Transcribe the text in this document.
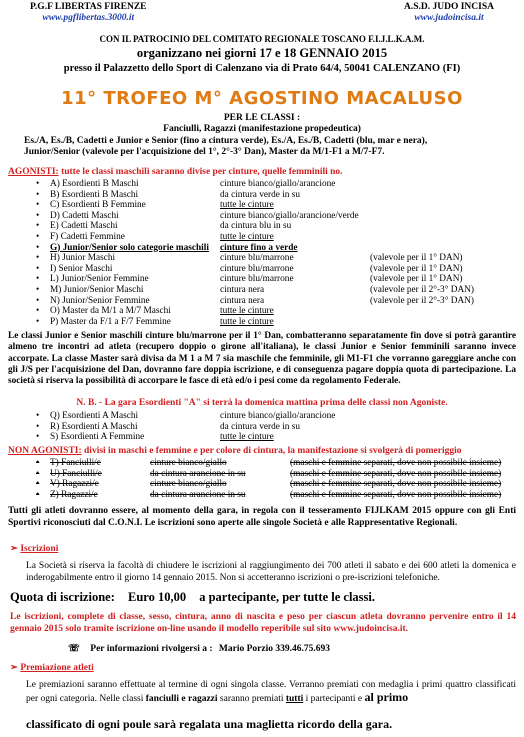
P.G.F LIBERTAS FIRENZE
www.pgflibertas.3000.it
A.S.D. JUDO INCISA
www.judoincisa.it
CON IL PATROCINIO DEL COMITATO REGIONALE TOSCANO F.I.J.L.K.A.M.
organizzano nei giorni 17 e 18 GENNAIO 2015
presso il Palazzetto dello Sport di Calenzano via di Prato 64/4, 50041 CALENZANO (FI)
11° TROFEO M° AGOSTINO MACALUSO
PER LE CLASSI :
Fanciulli, Ragazzi (manifestazione propedeutica)
Es./A, Es./B, Cadetti e Junior e Senior (fino a cintura verde), Es./A, Es./B, Cadetti (blu, mar e nera),
Junior/Senior (valevole per l'acquisizione del 1°, 2°-3° Dan), Master da M/1-F1 a M/7-F7.
AGONISTI: tutte le classi maschili saranno divise per cinture, quelle femminili no.
•	A) Esordienti B Maschi	cinture bianco/giallo/arancione
•	B) Esordienti B Maschi	da cintura verde in su
•	C) Esordienti B Femmine	tutte le cinture
•	D) Cadetti Maschi	cinture bianco/giallo/arancione/verde
•	E) Cadetti Maschi	da cintura blu in su
•	F) Cadetti Femmine	tutte le cinture
•	G) Junior/Senior solo categorie maschili	cinture fino a verde
•	H) Junior Maschi	cinture blu/marrone	(valevole per il 1° DAN)
•	I) Senior Maschi	cinture blu/marrone	(valevole per il 1° DAN)
•	L) Junior/Senior Femmine	cinture blu/marrone	(valevole per il 1° DAN)
•	M) Junior/Senior Maschi	cintura nera	(valevole per il 2°-3° DAN)
•	N) Junior/Senior Femmine	cintura nera	(valevole per il 2°-3° DAN)
•	O) Master da M/1 a M/7 Maschi	tutte le cinture
•	P) Master da F/1 a F/7 Femmine	tutte le cinture
Le classi Junior e Senior maschili cinture blu/marrone per il 1° Dan, combatteranno separatamente fin dove si potrà garantire almeno tre incontri ad atleta (recupero doppio o girone all'italiana), le classi Junior e Senior femminili saranno invece accorpate. La classe Master sarà divisa da M 1 a M 7 sia maschile che femminile, gli M1-F1 che vorranno gareggiare anche con gli J/S per l'acquisizione del Dan, dovranno fare doppia iscrizione, e di conseguenza pagare doppia quota di partecipazione. La società si riserva la possibilità di accorpare le fasce di età ed/o i pesi come da regolamento Federale.
N. B. - La gara Esordienti "A" si terrà la domenica mattina prima delle classi non Agoniste.
•	Q) Esordienti A Maschi	cinture bianco/giallo/arancione
•	R) Esordienti A Maschi	da cintura verde in su
•	S) Esordienti A Femmine	tutte le cinture
NON AGONISTI: divisi in maschi e femmine e per colore di cintura, la manifestazione si svolgerà di pomeriggio
•	T) Fanciulli/e	cinture bianco/giallo	(maschi e femmine separati, dove non possibile insieme)
•	U) Fanciulli/e	da cintura arancione in su	(maschi e femmine separati, dove non possibile insieme)
•	V) Ragazzi/e	cinture bianco/giallo	(maschi e femmine separati, dove non possibile insieme)
•	Z) Ragazzi/e	da cintura arancione in su	(maschi e femmine separati, dove non possibile insieme)
Tutti gli atleti dovranno essere, al momento della gara, in regola con il tesseramento FIJLKAM 2015 oppure con gli Enti Sportivi riconosciuti dal C.O.N.I. Le iscrizioni sono aperte alle singole Società e alle Rappresentative Regionali.
➢ Iscrizioni
La Società si riserva la facoltà di chiudere le iscrizioni al raggiungimento dei 700 atleti il sabato e dei 600 atleti la domenica e inderogabilmente entro il giorno 14 gennaio 2015. Non si accetteranno iscrizioni o pre-iscrizioni telefoniche.
Quota di iscrizione: Euro 10,00 a partecipante, per tutte le classi.
Le iscrizioni, complete di classe, sesso, cintura, anno di nascita e peso per ciascun atleta dovranno pervenire entro il 14 gennaio 2015 solo tramite iscrizione on-line usando il modello reperibile sul sito www.judoincisa.it.
☏ Per informazioni rivolgersi a : Mario Porzio 339.46.75.693
➢ Premiazione atleti
Le premiazioni saranno effettuate al termine di ogni singola classe. Verranno premiati con medaglia i primi quattro classificati per ogni categoria. Nelle classi fanciulli e ragazzi saranno premiati tutti i partecipanti e al primo
classificato di ogni poule sarà regalata una maglietta ricordo della gara.
